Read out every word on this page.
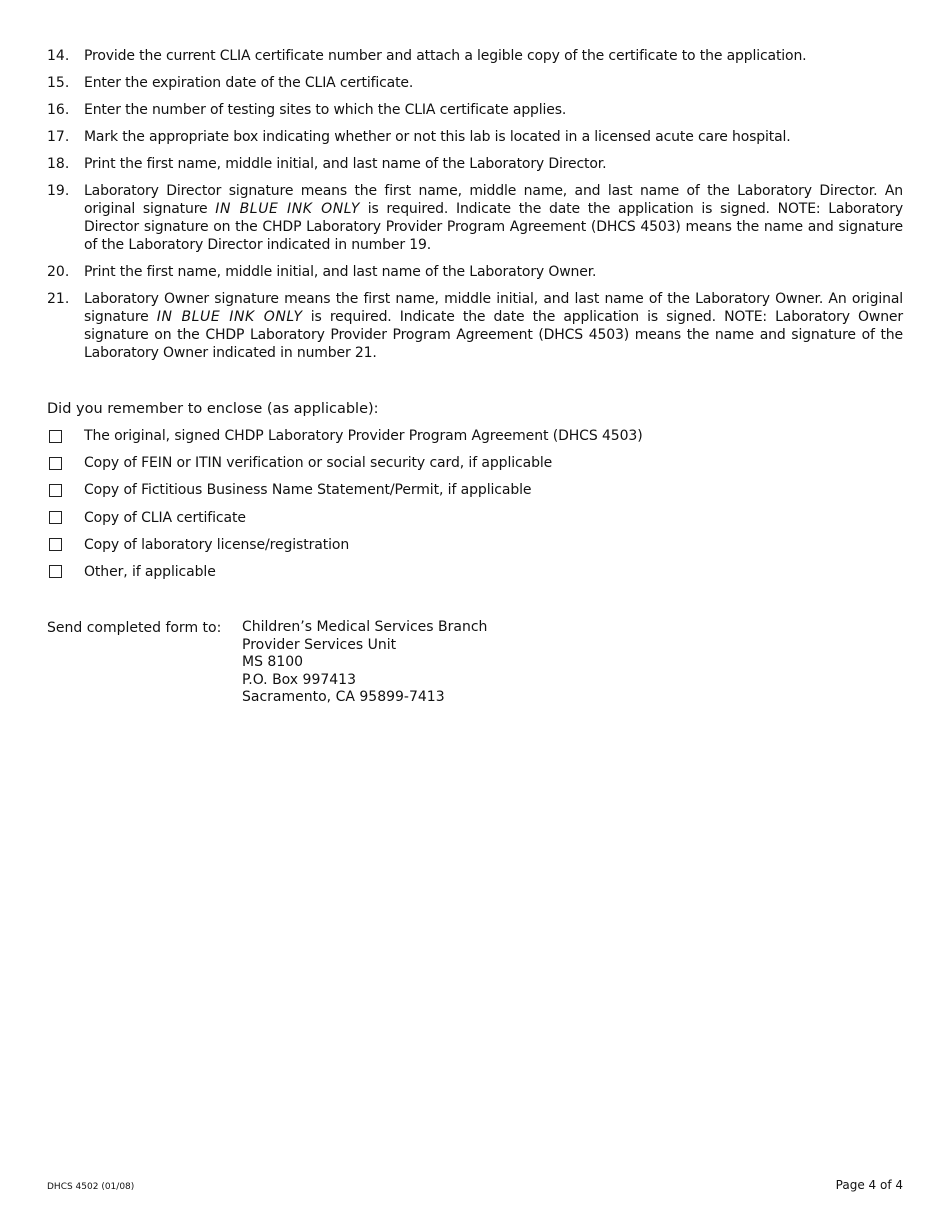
14.	Provide the current CLIA certificate number and attach a legible copy of the certificate to the application.
15.	Enter the expiration date of the CLIA certificate.
16.	Enter the number of testing sites to which the CLIA certificate applies.
17.	Mark the appropriate box indicating whether or not this lab is located in a licensed acute care hospital.
18.	Print the first name, middle initial, and last name of the Laboratory Director.
19.	Laboratory Director signature means the first name, middle name, and last name of the Laboratory Director. An original signature IN BLUE INK ONLY is required. Indicate the date the application is signed. NOTE: Laboratory Director signature on the CHDP Laboratory Provider Program Agreement (DHCS 4503) means the name and signature of the Laboratory Director indicated in number 19.
20.	Print the first name, middle initial, and last name of the Laboratory Owner.
21.	Laboratory Owner signature means the first name, middle initial, and last name of the Laboratory Owner. An original signature IN BLUE INK ONLY is required. Indicate the date the application is signed. NOTE: Laboratory Owner signature on the CHDP Laboratory Provider Program Agreement (DHCS 4503) means the name and signature of the Laboratory Owner indicated in number 21.
Did you remember to enclose (as applicable):
The original, signed CHDP Laboratory Provider Program Agreement (DHCS 4503)
Copy of FEIN or ITIN verification or social security card, if applicable
Copy of Fictitious Business Name Statement/Permit, if applicable
Copy of CLIA certificate
Copy of laboratory license/registration
Other, if applicable
Send completed form to:	Children’s Medical Services Branch
Provider Services Unit
MS 8100
P.O. Box 997413
Sacramento, CA 95899-7413
DHCS 4502 (01/08)	Page 4 of 4
